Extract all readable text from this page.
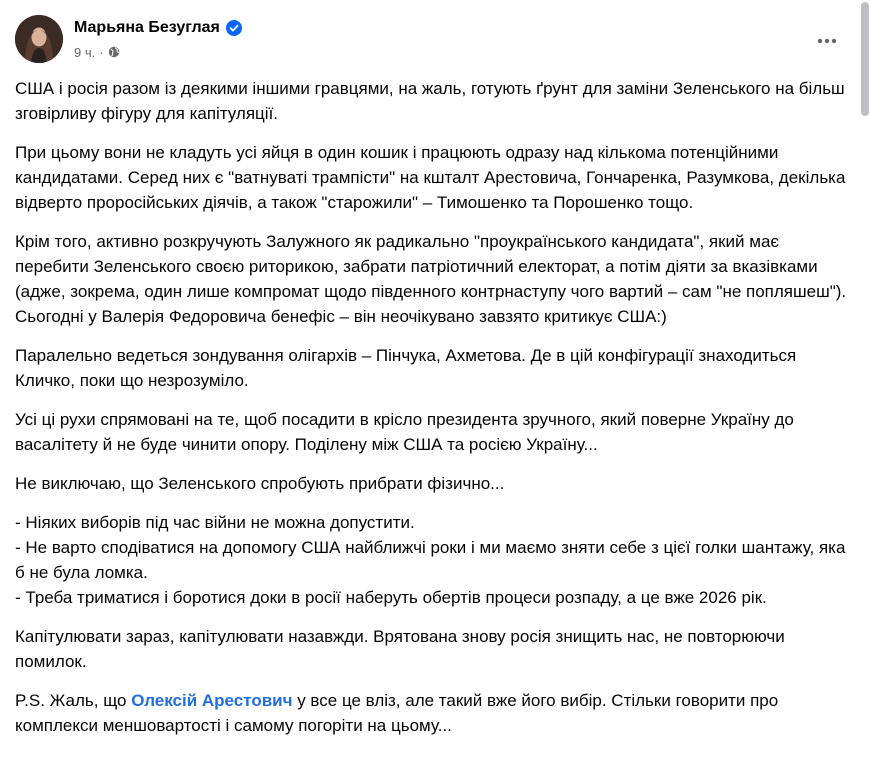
Марьяна Безуглая
9 ч. ·

США і росія разом із деякими іншими гравцями, на жаль, готують ґрунт для заміни Зеленського на більш зговірливу фігуру для капітуляції.

При цьому вони не кладуть усі яйця в один кошик і працюють одразу над кількома потенційними кандидатами. Серед них є "ватнуваті трампісти" на кшталт Арестовича, Гончаренка, Разумкова, декілька відверто проросійських діячів, а також "старожили" – Тимошенко та Порошенко тощо.

Крім того, активно розкручують Залужного як радикально "проукраїнського кандидата", який має перебити Зеленського своєю риторикою, забрати патріотичний електорат, а потім діяти за вказівками (адже, зокрема, один лише компромат щодо південного контрнаступу чого вартий – сам "не попляшеш"). Сьогодні у Валерія Федоровича бенефіс – він неочікувано завзято критикує США:)

Паралельно ведеться зондування олігархів – Пінчука, Ахметова. Де в цій конфігурації знаходиться Кличко, поки що незрозуміло.

Усі ці рухи спрямовані на те, щоб посадити в крісло президента зручного, який поверне Україну до васалітету й не буде чинити опору. Поділену між США та росією Україну...

Не виключаю, що Зеленського спробують прибрати фізично...

- Ніяких виборів під час війни не можна допустити.
- Не варто сподіватися на допомогу США найближчі роки і ми маємо зняти себе з цієї голки шантажу, яка б не була ломка.
- Треба триматися і боротися доки в росії наберуть обертів процеси розпаду, а це вже 2026 рік.

Капітулювати зараз, капітулювати назавжди. Врятована знову росія знищить нас, не повторюючи помилок.

P.S. Жаль, що Олексій Арестович у все це вліз, але такий вже його вибір. Стільки говорити про комплекси меншовартості і самому погоріти на цьому...
